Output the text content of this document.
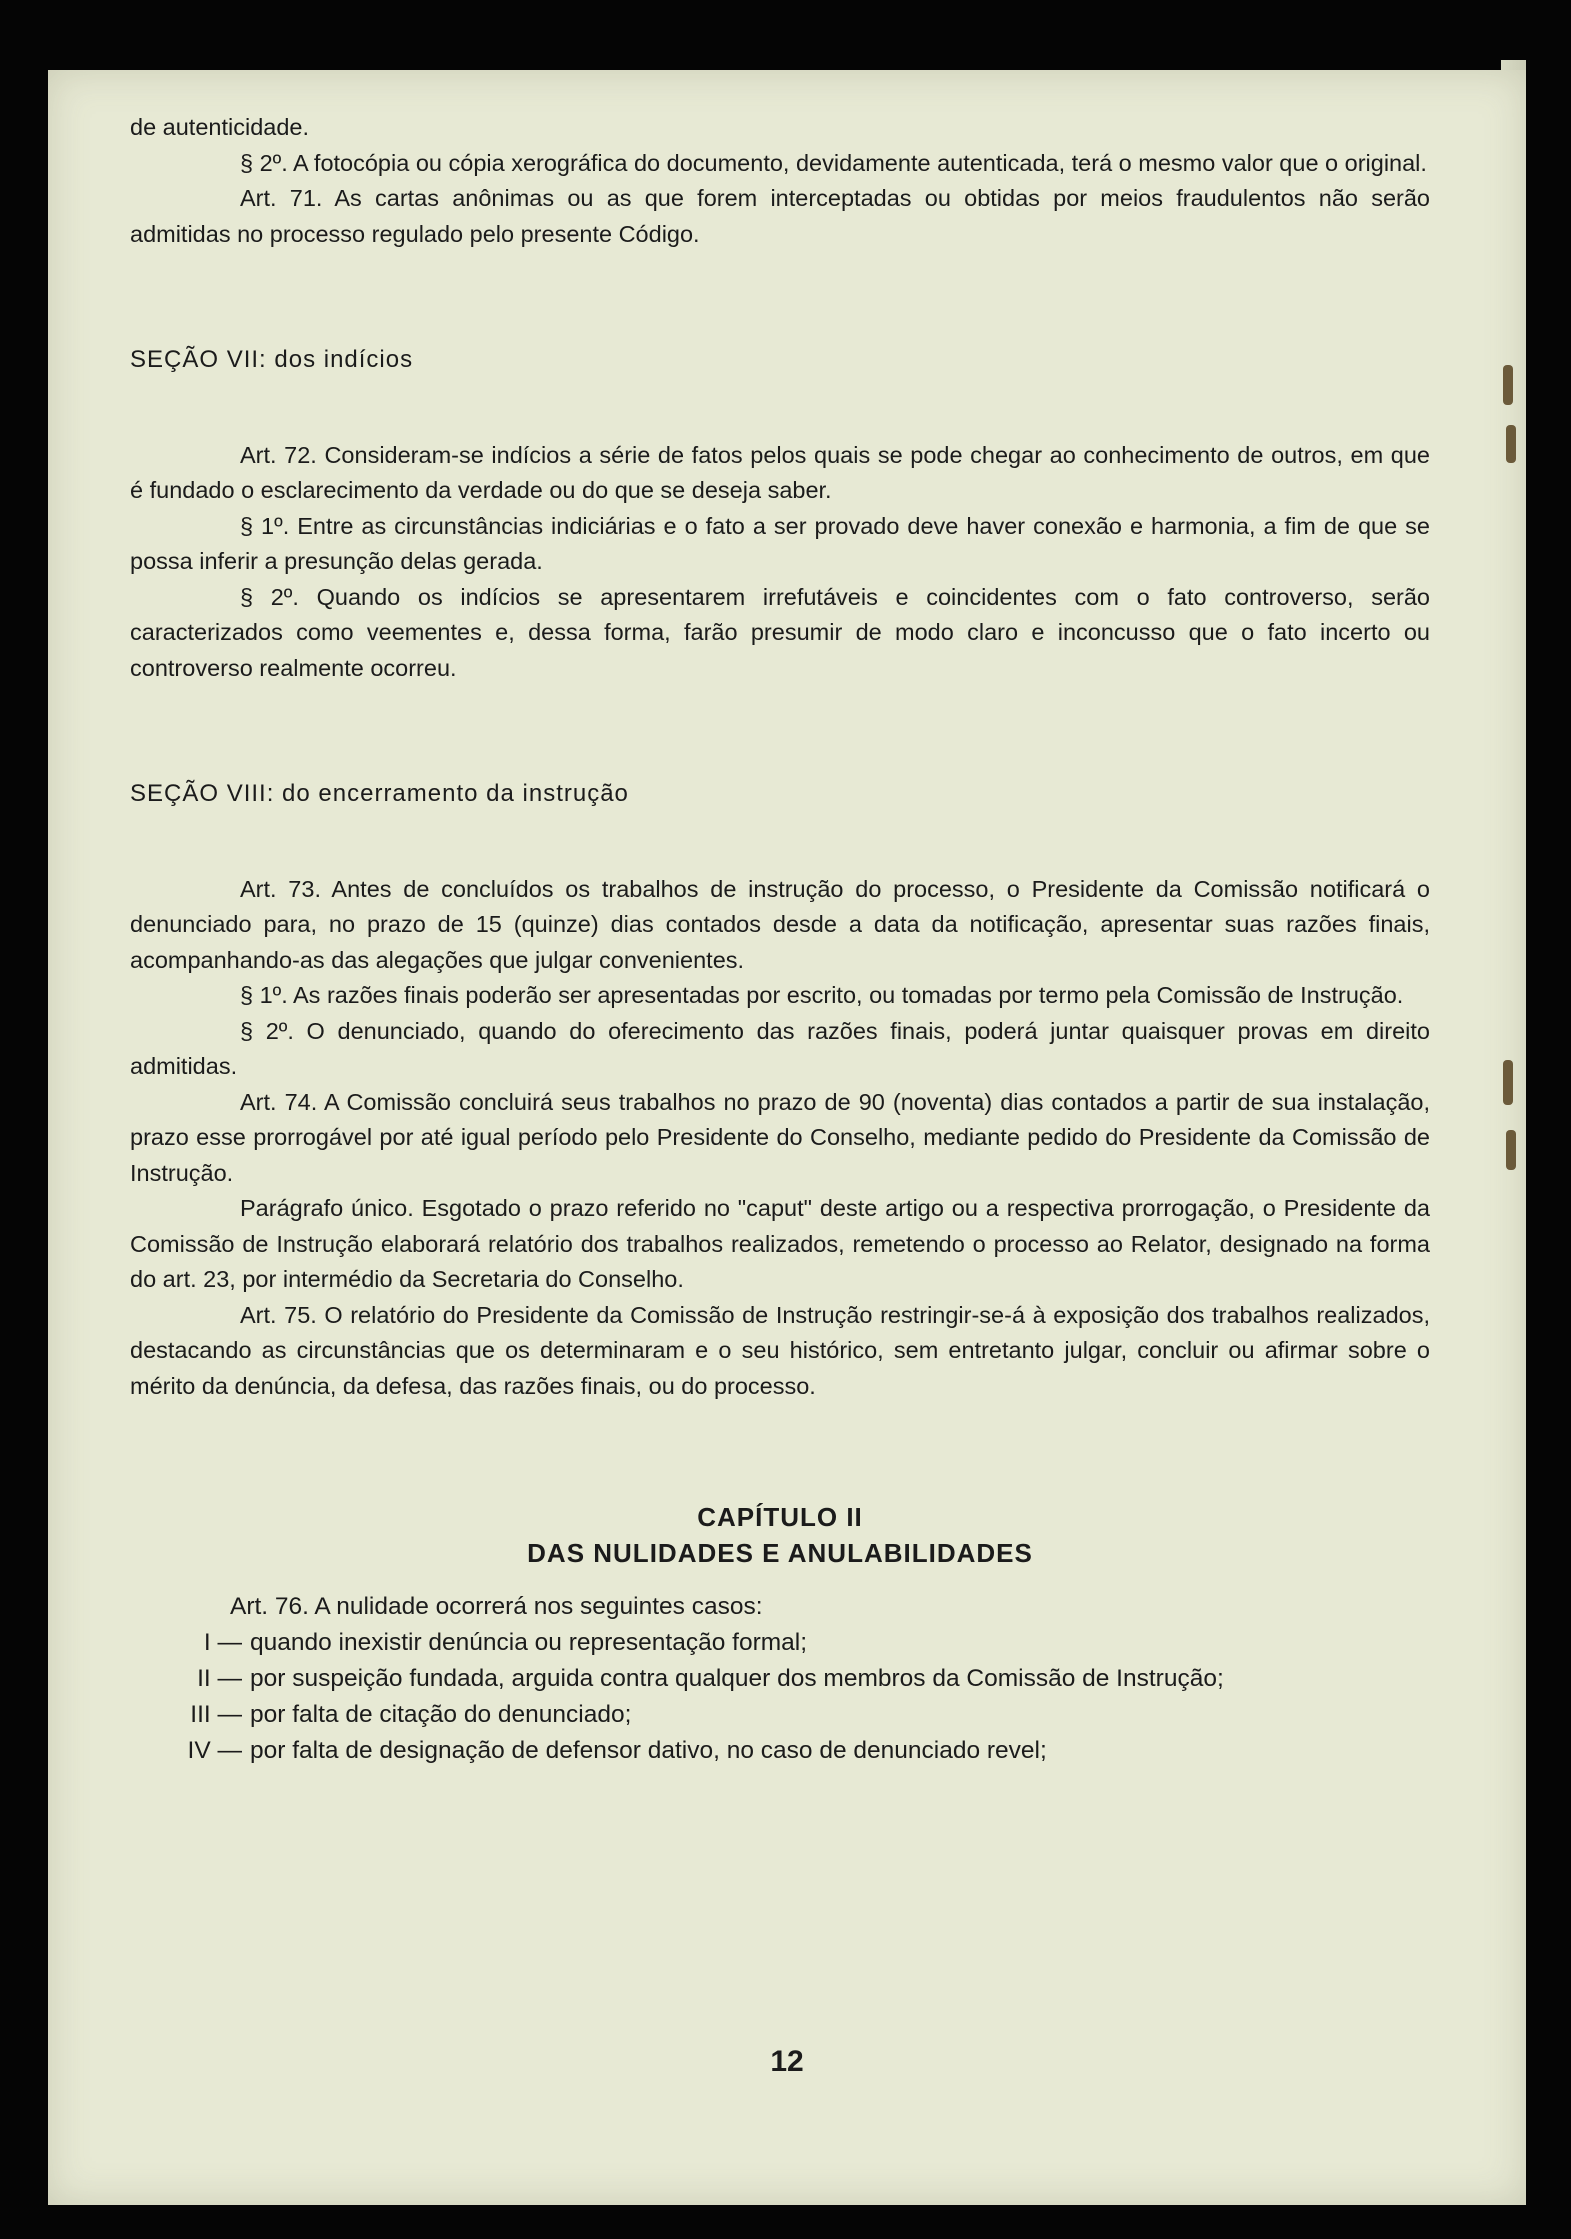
12

de autenticidade.

§ 2º. A fotocópia ou cópia xerográfica do documento, devidamente autenticada, terá o mesmo valor que o original.

Art. 71. As cartas anônimas ou as que forem interceptadas ou obtidas por meios fraudulentos não serão admitidas no processo regulado pelo presente Código.

SEÇÃO VII: dos indícios

Art. 72. Consideram-se indícios a série de fatos pelos quais se pode chegar ao conhecimento de outros, em que é fundado o esclarecimento da verdade ou do que se deseja saber.

§ 1º. Entre as circunstâncias indiciárias e o fato a ser provado deve haver conexão e harmonia, a fim de que se possa inferir a presunção delas gerada.

§ 2º. Quando os indícios se apresentarem irrefutáveis e coincidentes com o fato controverso, serão caracterizados como veementes e, dessa forma, farão presumir de modo claro e inconcusso que o fato incerto ou controverso realmente ocorreu.

SEÇÃO VIII: do encerramento da instrução

Art. 73. Antes de concluídos os trabalhos de instrução do processo, o Presidente da Comissão notificará o denunciado para, no prazo de 15 (quinze) dias contados desde a data da notificação, apresentar suas razões finais, acompanhando-as das alegações que julgar convenientes.

§ 1º. As razões finais poderão ser apresentadas por escrito, ou tomadas por termo pela Comissão de Instrução.

§ 2º. O denunciado, quando do oferecimento das razões finais, poderá juntar quaisquer provas em direito admitidas.

Art. 74. A Comissão concluirá seus trabalhos no prazo de 90 (noventa) dias contados a partir de sua instalação, prazo esse prorrogável por até igual período pelo Presidente do Conselho, mediante pedido do Presidente da Comissão de Instrução.

Parágrafo único. Esgotado o prazo referido no "caput" deste artigo ou a respectiva prorrogação, o Presidente da Comissão de Instrução elaborará relatório dos trabalhos realizados, remetendo o processo ao Relator, designado na forma do art. 23, por intermédio da Secretaria do Conselho.

Art. 75. O relatório do Presidente da Comissão de Instrução restringir-se-á à exposição dos trabalhos realizados, destacando as circunstâncias que os determinaram e o seu histórico, sem entretanto julgar, concluir ou afirmar sobre o mérito da denúncia, da defesa, das razões finais, ou do processo.

CAPÍTULO II

DAS NULIDADES E ANULABILIDADES

Art. 76. A nulidade ocorrerá nos seguintes casos:

I — quando inexistir denúncia ou representação formal;
II — por suspeição fundada, arguida contra qualquer dos membros da Comissão de Instrução;
III — por falta de citação do denunciado;
IV — por falta de designação de defensor dativo, no caso de denunciado revel;
